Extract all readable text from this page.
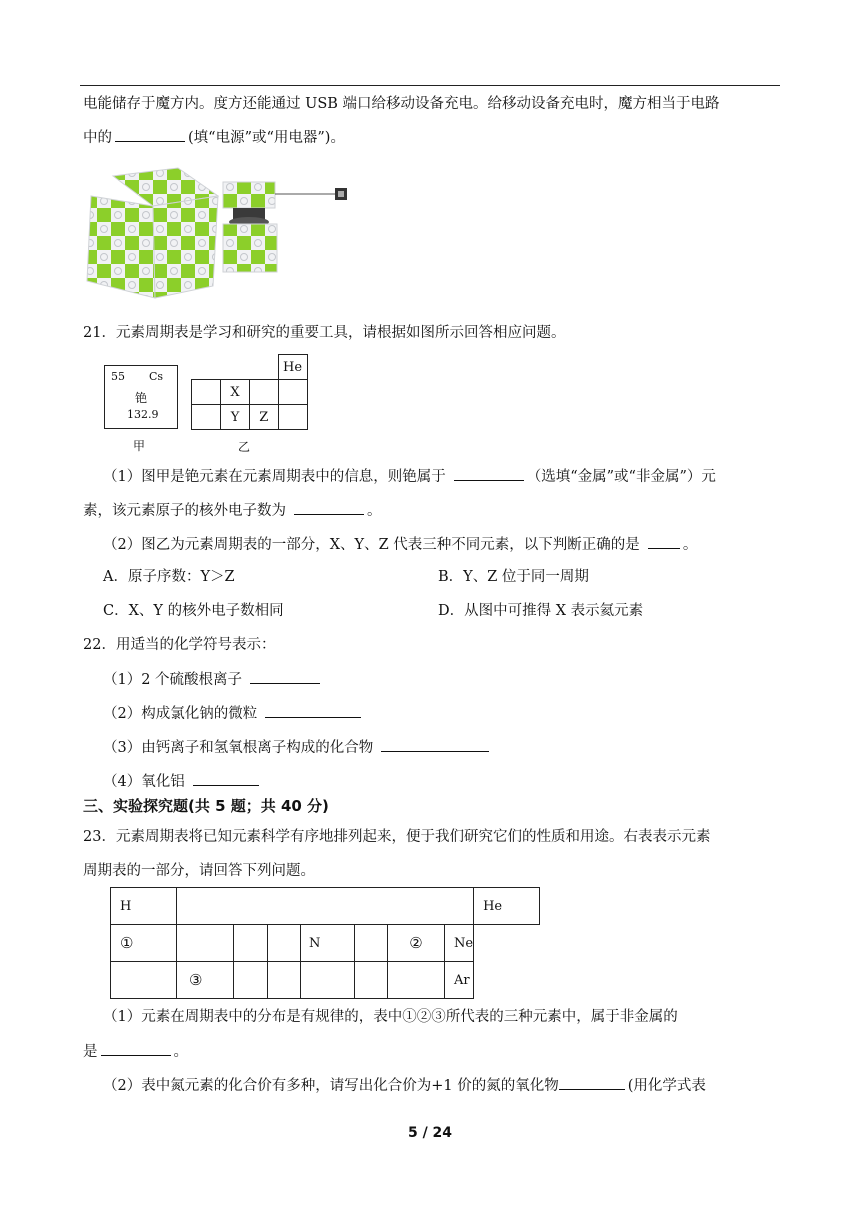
电能储存于魔方内。度方还能通过 USB 端口给移动设备充电。给移动设备充电时，魔方相当于电路
中的	(填“电源”或“用电器”)。
21．元素周期表是学习和研究的重要工具，请根据如图所示回答相应问题。
55 Cs
铯
132.9
甲
			He
	X		
	Y	Z	
乙
（1）图甲是铯元素在元素周期表中的信息，则铯属于	（选填“金属”或“非金属”）元
素，该元素原子的核外电子数为	。
（2）图乙为元素周期表的一部分，X、Y、Z 代表三种不同元素，以下判断正确的是	。
A．原子序数：Y＞Z	B．Y、Z 位于同一周期
C．X、Y 的核外电子数相同	D．从图中可推得 X 表示氦元素
22．用适当的化学符号表示：
（1）2 个硫酸根离子
（2）构成氯化钠的微粒
（3）由钙离子和氢氧根离子构成的化合物
（4）氧化铝
三、实验探究题(共 5 题；共 40 分)
23．元素周期表将已知元素科学有序地排列起来，便于我们研究它们的性质和用途。右表表示元素
周期表的一部分，请回答下列问题。
H								He
①				N		②	Ne	
	③						Ar	
（1）元素在周期表中的分布是有规律的，表中①②③所代表的三种元素中，属于非金属的
是	。
（2）表中氮元素的化合价有多种，请写出化合价为+1 价的氮的氧化物	(用化学式表
5 / 24
